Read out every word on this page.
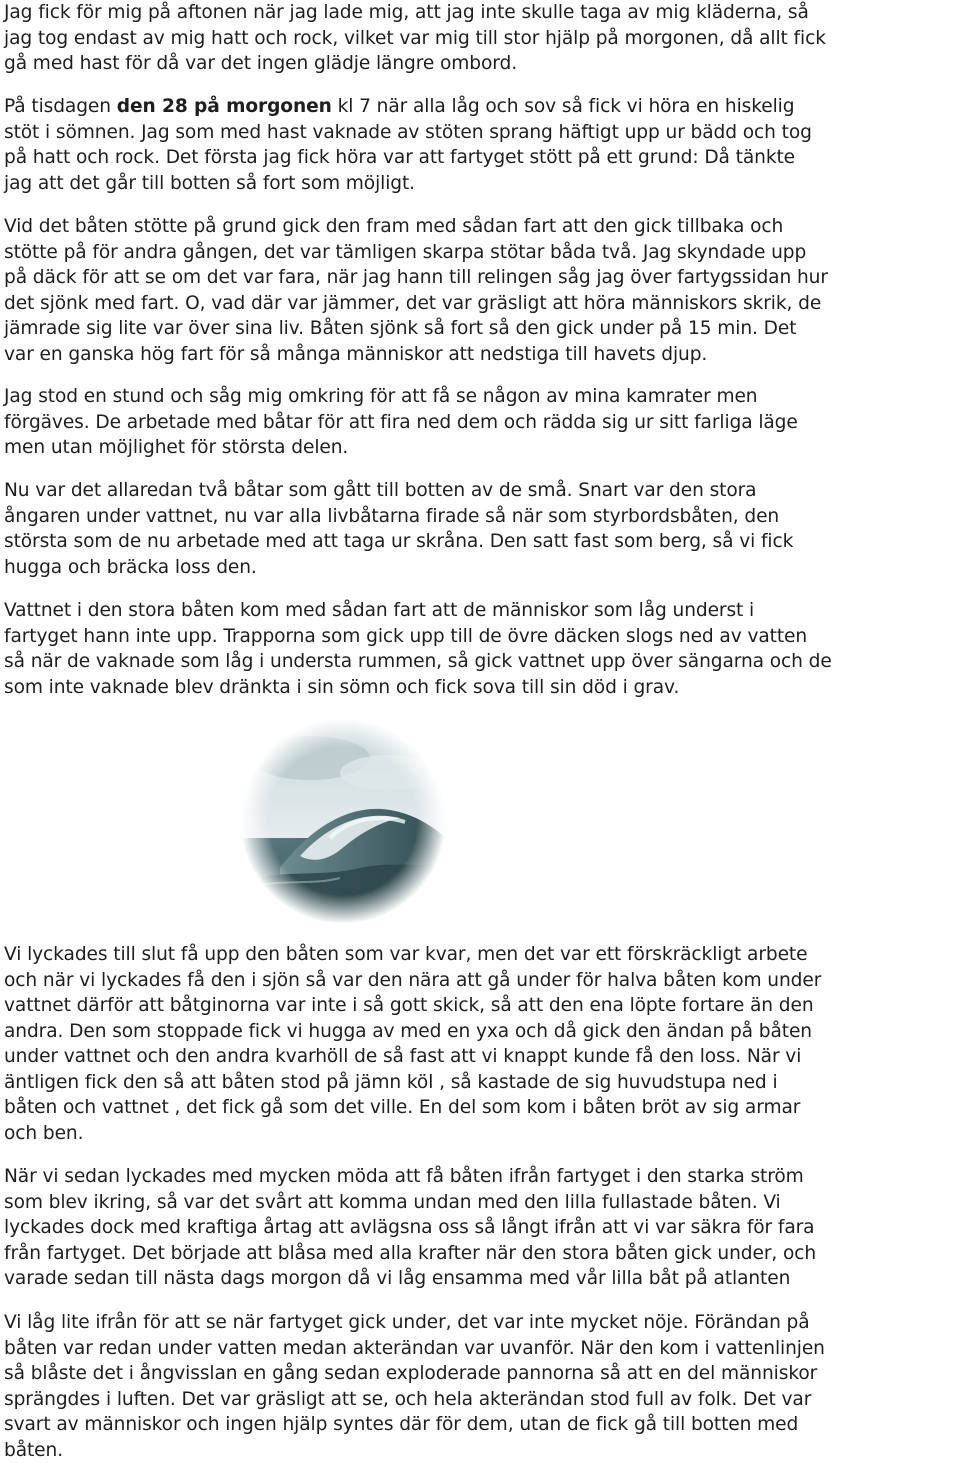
Jag fick för mig på aftonen när jag lade mig, att jag inte skulle taga av mig kläderna, så
jag tog endast av mig hatt och rock, vilket var mig till stor hjälp på morgonen, då allt fick
gå med hast för då var det ingen glädje längre ombord.

På tisdagen den 28 på morgonen kl 7 när alla låg och sov så fick vi höra en hiskelig
stöt i sömnen. Jag som med hast vaknade av stöten sprang häftigt upp ur bädd och tog
på hatt och rock. Det första jag fick höra var att fartyget stött på ett grund: Då tänkte
jag att det går till botten så fort som möjligt.

Vid det båten stötte på grund gick den fram med sådan fart att den gick tillbaka och
stötte på för andra gången, det var tämligen skarpa stötar båda två. Jag skyndade upp
på däck för att se om det var fara, när jag hann till relingen såg jag över fartygssidan hur
det sjönk med fart. O, vad där var jämmer, det var gräsligt att höra människors skrik, de
jämrade sig lite var över sina liv. Båten sjönk så fort så den gick under på 15 min. Det
var en ganska hög fart för så många människor att nedstiga till havets djup.

Jag stod en stund och såg mig omkring för att få se någon av mina kamrater men
förgäves. De arbetade med båtar för att fira ned dem och rädda sig ur sitt farliga läge
men utan möjlighet för största delen.

Nu var det allaredan två båtar som gått till botten av de små. Snart var den stora
ångaren under vattnet, nu var alla livbåtarna firade så när som styrbordsbåten, den
största som de nu arbetade med att taga ur skråna. Den satt fast som berg, så vi fick
hugga och bräcka loss den.

Vattnet i den stora båten kom med sådan fart att de människor som låg underst i
fartyget hann inte upp. Trapporna som gick upp till de övre däcken slogs ned av vatten
så när de vaknade som låg i understa rummen, så gick vattnet upp över sängarna och de
som inte vaknade blev dränkta i sin sömn och fick sova till sin död i grav.

Vi lyckades till slut få upp den båten som var kvar, men det var ett förskräckligt arbete
och när vi lyckades få den i sjön så var den nära att gå under för halva båten kom under
vattnet därför att båtginorna var inte i så gott skick, så att den ena löpte fortare än den
andra. Den som stoppade fick vi hugga av med en yxa och då gick den ändan på båten
under vattnet och den andra kvarhöll de så fast att vi knappt kunde få den loss. När vi
äntligen fick den så att båten stod på jämn köl , så kastade de sig huvudstupa ned i
båten och vattnet , det fick gå som det ville. En del som kom i båten bröt av sig armar
och ben.

När vi sedan lyckades med mycken möda att få båten ifrån fartyget i den starka ström
som blev ikring, så var det svårt att komma undan med den lilla fullastade båten. Vi
lyckades dock med kraftiga årtag att avlägsna oss så långt ifrån att vi var säkra för fara
från fartyget. Det började att blåsa med alla krafter när den stora båten gick under, och
varade sedan till nästa dags morgon då vi låg ensamma med vår lilla båt på atlanten

Vi låg lite ifrån för att se när fartyget gick under, det var inte mycket nöje. Förändan på
båten var redan under vatten medan akterändan var uvanför. När den kom i vattenlinjen
så blåste det i ångvisslan en gång sedan exploderade pannorna så att en del människor
sprängdes i luften. Det var gräsligt att se, och hela akterändan stod full av folk. Det var
svart av människor och ingen hjälp syntes där för dem, utan de fick gå till botten med
båten.
